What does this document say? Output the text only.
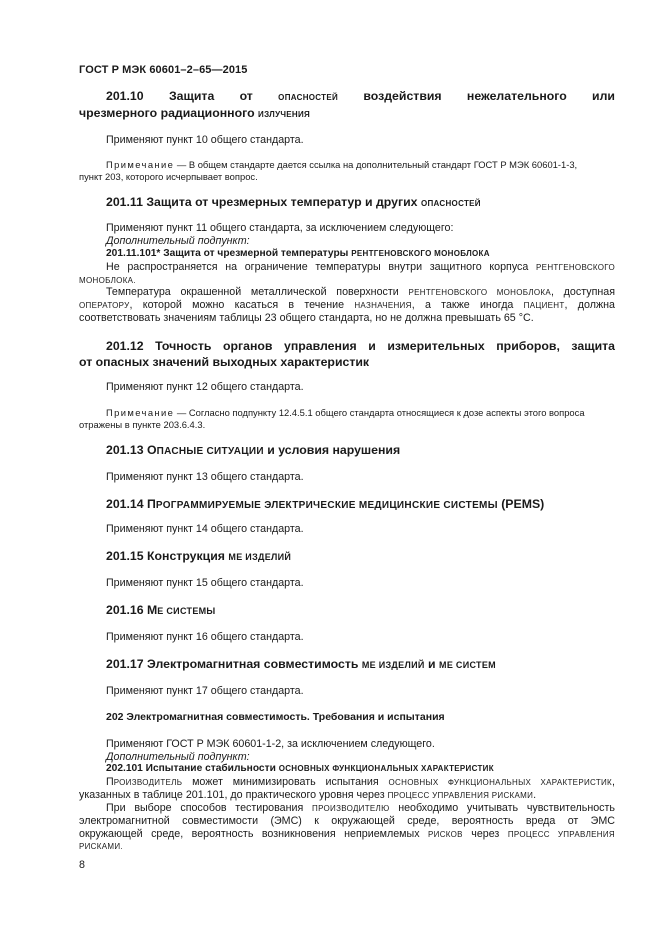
ГОСТ Р МЭК 60601–2–65—2015
201.10 Защита от	ОПАСНОСТЕЙ воздействия нежелательного или
чрезмерного радиационного ИЗЛУЧЕНИЯ
Применяют пункт 10 общего стандарта.
Примечание — В общем стандарте дается ссылка на дополнительный стандарт ГОСТ Р МЭК 60601-1-3,
пункт 203, которого исчерпывает вопрос.
201.11 Защита от чрезмерных температур и других ОПАСНОСТЕЙ
Применяют пункт 11 общего стандарта, за исключением следующего:
Дополнительный подпункт:
201.11.101* Защита от чрезмерной температуры РЕНТГЕНОВСКОГО МОНОБЛОКА
Не распространяется на ограничение температуры внутри защитного корпуса РЕНТГЕНОВСКОГО
МОНОБЛОКА.
Температура окрашенной металлической поверхности РЕНТГЕНОВСКОГО МОНОБЛОКА, доступная
ОПЕРАТОРУ, которой можно касаться в течение НАЗНАЧЕНИЯ, а также иногда ПАЦИЕНТ, должна
соответствовать значениям таблицы 23 общего стандарта, но не должна превышать 65 °С.
201.12 Точность органов управления и измерительных приборов, защита
от опасных значений выходных характеристик
Применяют пункт 12 общего стандарта.
Примечание — Согласно подпункту 12.4.5.1 общего стандарта относящиеся к дозе аспекты этого вопроса
отражены в пункте 203.6.4.3.
201.13 ОПАСНЫЕ СИТУАЦИИ и условия нарушения
Применяют пункт 13 общего стандарта.
201.14 ПРОГРАММИРУЕМЫЕ ЭЛЕКТРИЧЕСКИЕ МЕДИЦИНСКИЕ СИСТЕМЫ (PEMS)
Применяют пункт 14 общего стандарта.
201.15 Конструкция МЕ ИЗДЕЛИЙ
Применяют пункт 15 общего стандарта.
201.16 МЕ СИСТЕМЫ
Применяют пункт 16 общего стандарта.
201.17 Электромагнитная совместимость МЕ ИЗДЕЛИЙ и МЕ СИСТЕМ
Применяют пункт 17 общего стандарта.
202 Электромагнитная совместимость. Требования и испытания
Применяют ГОСТ Р МЭК 60601-1-2, за исключением следующего.
Дополнительный подпункт:
202.101 Испытание стабильности ОСНОВНЫХ ФУНКЦИОНАЛЬНЫХ ХАРАКТЕРИСТИК
ПРОИЗВОДИТЕЛЬ может минимизировать испытания ОСНОВНЫХ ФУНКЦИОНАЛЬНЫХ ХАРАКТЕРИСТИК,
указанных в таблице 201.101, до практического уровня через ПРОЦЕСС УПРАВЛЕНИЯ РИСКАМИ.
При выборе способов тестирования ПРОИЗВОДИТЕЛЮ необходимо учитывать чувствительность
электромагнитной совместимости (ЭМС) к окружающей среде, вероятность вреда от ЭМС
окружающей среде, вероятность возникновения неприемлемых РИСКОВ через ПРОЦЕСС УПРАВЛЕНИЯ
РИСКАМИ.
8
